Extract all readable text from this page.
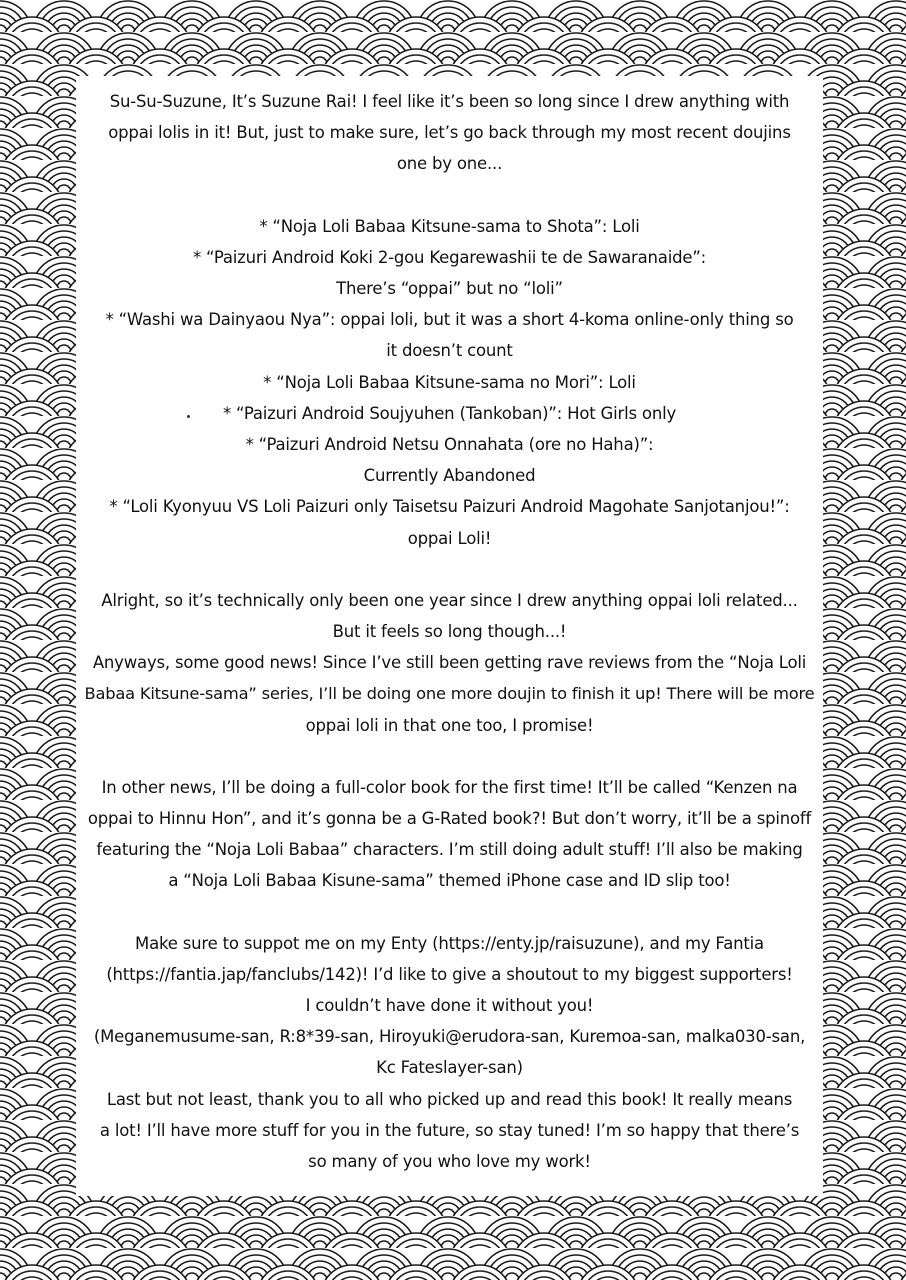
Su-Su-Suzune, It’s Suzune Rai! I feel like it’s been so long since I drew anything with
oppai lolis in it! But, just to make sure, let’s go back through my most recent doujins
one by one...
* “Noja Loli Babaa Kitsune-sama to Shota”: Loli
* “Paizuri Android Koki 2-gou Kegarewashii te de Sawaranaide”:
There’s “oppai” but no “loli”
* “Washi wa Dainyaou Nya”: oppai loli, but it was a short 4-koma online-only thing so
it doesn’t count
* “Noja Loli Babaa Kitsune-sama no Mori”: Loli
* “Paizuri Android Soujyuhen (Tankoban)”: Hot Girls only
* “Paizuri Android Netsu Onnahata (ore no Haha)”:
Currently Abandoned
* “Loli Kyonyuu VS Loli Paizuri only Taisetsu Paizuri Android Magohate Sanjotanjou!”:
oppai Loli!
Alright, so it’s technically only been one year since I drew anything oppai loli related...
But it feels so long though...!
Anyways, some good news! Since I’ve still been getting rave reviews from the “Noja Loli
Babaa Kitsune-sama” series, I’ll be doing one more doujin to finish it up! There will be more
oppai loli in that one too, I promise!
In other news, I’ll be doing a full-color book for the first time! It’ll be called “Kenzen na
oppai to Hinnu Hon”, and it’s gonna be a G-Rated book?! But don’t worry, it’ll be a spinoff
featuring the “Noja Loli Babaa” characters. I’m still doing adult stuff! I’ll also be making
a “Noja Loli Babaa Kisune-sama” themed iPhone case and ID slip too!
Make sure to suppot me on my Enty (https://enty.jp/raisuzune), and my Fantia
(https://fantia.jap/fanclubs/142)! I’d like to give a shoutout to my biggest supporters!
I couldn’t have done it without you!
(Meganemusume-san, R:8*39-san, Hiroyuki@erudora-san, Kuremoa-san, malka030-san,
Kc Fateslayer-san)
Last but not least, thank you to all who picked up and read this book! It really means
a lot! I’ll have more stuff for you in the future, so stay tuned! I’m so happy that there’s
so many of you who love my work!
